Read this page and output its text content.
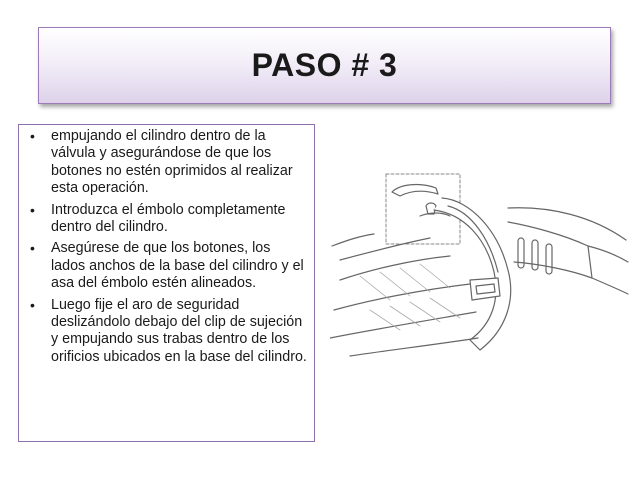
PASO # 3
• empujando el cilindro dentro de la válvula y asegurándose de que los botones no estén oprimidos al realizar esta operación.
• Introduzca el émbolo completamente dentro del cilindro.
• Asegúrese de que los botones, los lados anchos de la base del cilindro y el asa del émbolo estén alineados.
• Luego fije el aro de seguridad deslizándolo debajo del clip de sujeción y empujando sus trabas dentro de los orificios ubicados en la base del cilindro.
